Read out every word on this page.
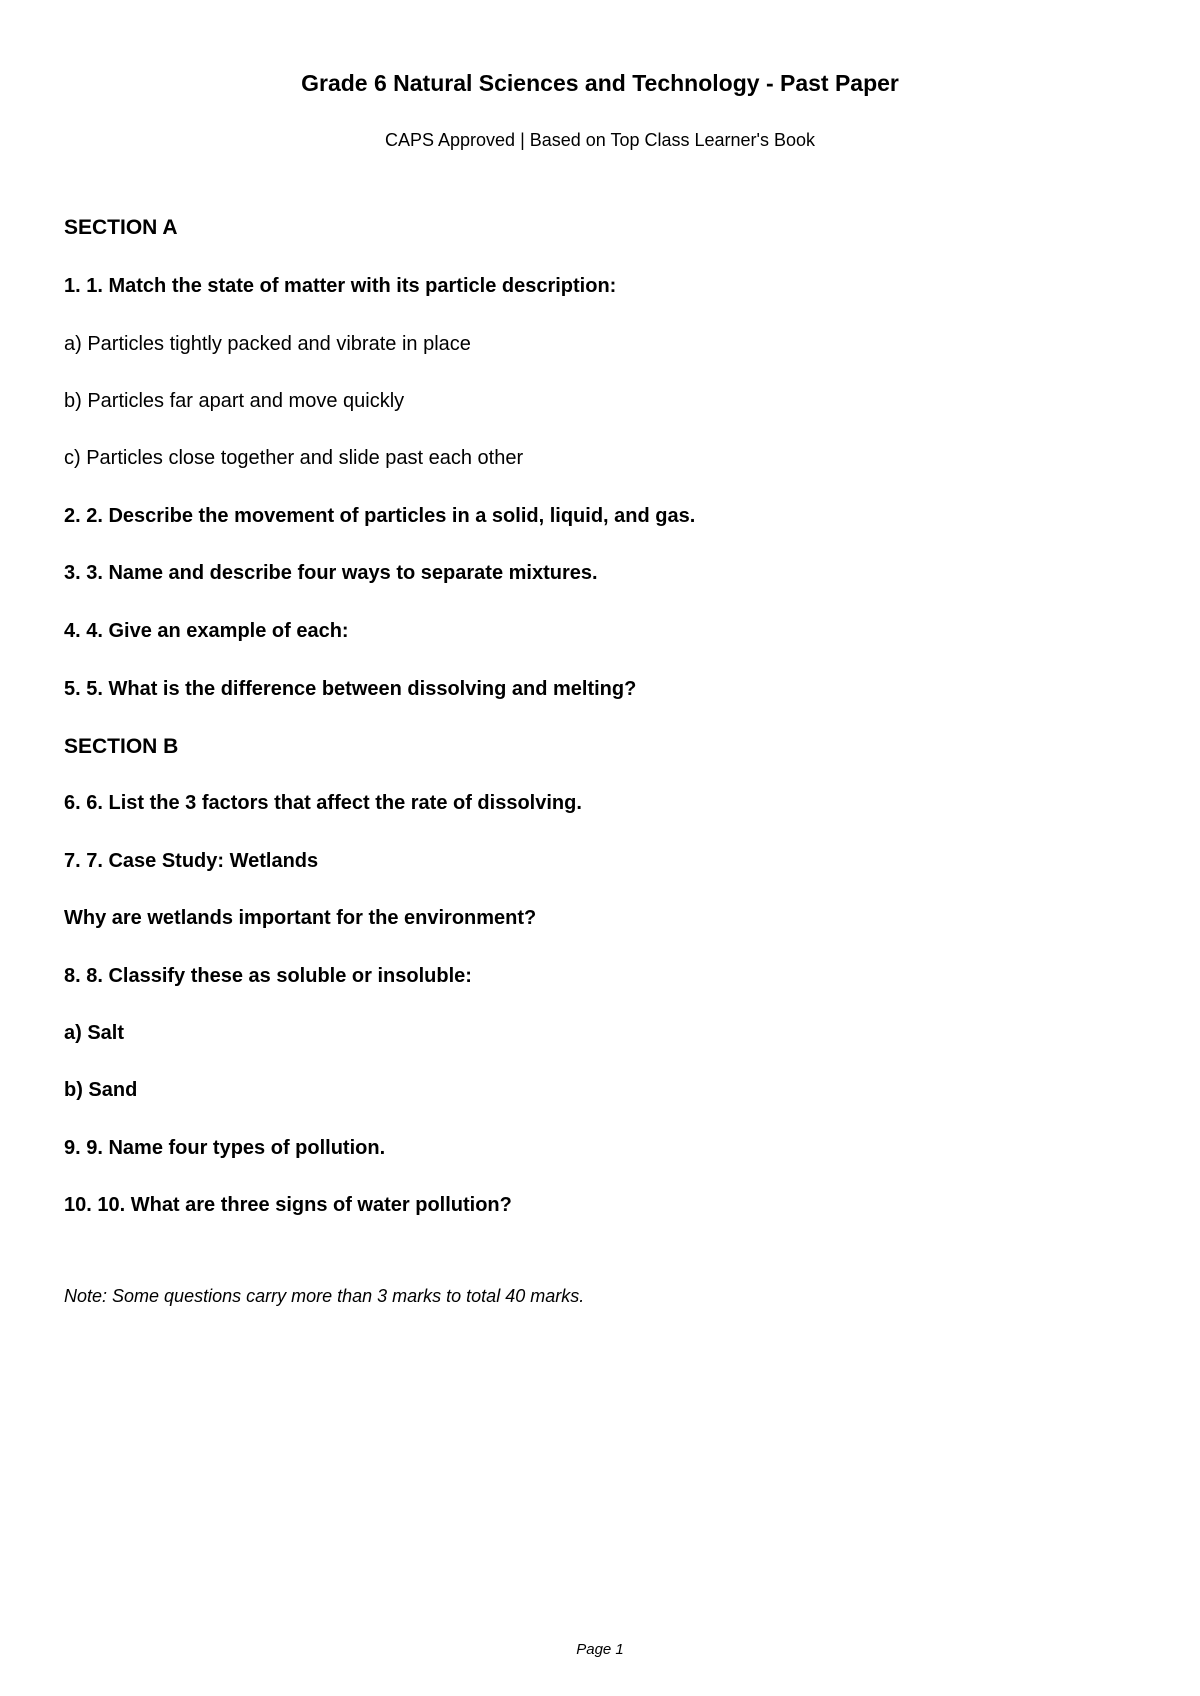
Grade 6 Natural Sciences and Technology - Past Paper

CAPS Approved | Based on Top Class Learner's Book

SECTION A

1. 1. Match the state of matter with its particle description:

a) Particles tightly packed and vibrate in place

b) Particles far apart and move quickly

c) Particles close together and slide past each other

2. 2. Describe the movement of particles in a solid, liquid, and gas.

3. 3. Name and describe four ways to separate mixtures.

4. 4. Give an example of each:

5. 5. What is the difference between dissolving and melting?

SECTION B

6. 6. List the 3 factors that affect the rate of dissolving.

7. 7. Case Study: Wetlands

Why are wetlands important for the environment?

8. 8. Classify these as soluble or insoluble:

a) Salt

b) Sand

9. 9. Name four types of pollution.

10. 10. What are three signs of water pollution?

Note: Some questions carry more than 3 marks to total 40 marks.

Page 1
